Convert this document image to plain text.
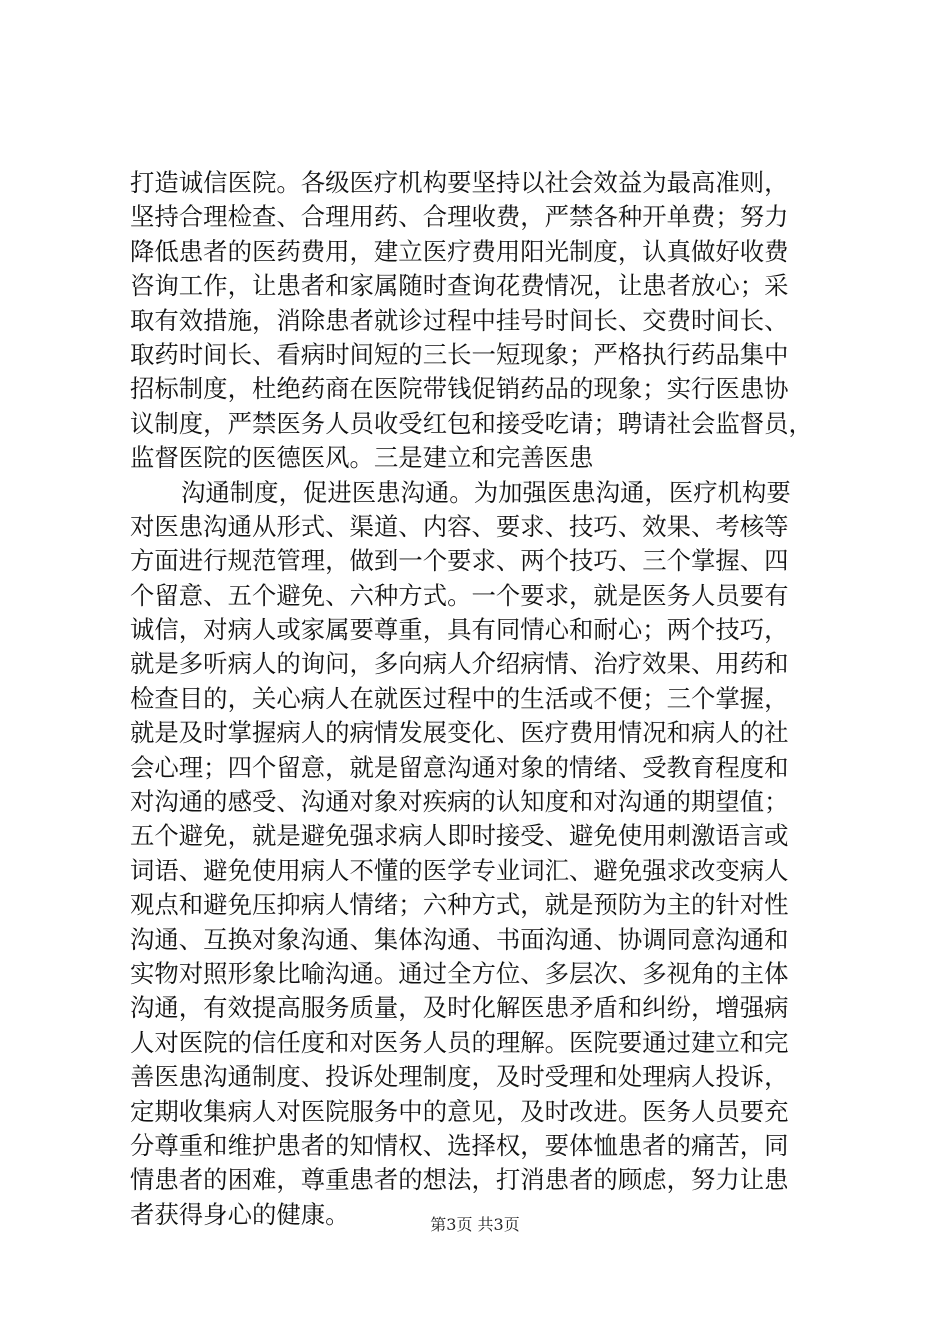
打造诚信医院。各级医疗机构要坚持以社会效益为最高准则，
坚持合理检查、合理用药、合理收费，严禁各种开单费；努力
降低患者的医药费用，建立医疗费用阳光制度，认真做好收费
咨询工作，让患者和家属随时查询花费情况，让患者放心；采
取有效措施，消除患者就诊过程中挂号时间长、交费时间长、
取药时间长、看病时间短的三长一短现象；严格执行药品集中
招标制度，杜绝药商在医院带钱促销药品的现象；实行医患协
议制度，严禁医务人员收受红包和接受吃请；聘请社会监督员，
监督医院的医德医风。三是建立和完善医患
沟通制度，促进医患沟通。为加强医患沟通，医疗机构要
对医患沟通从形式、渠道、内容、要求、技巧、效果、考核等
方面进行规范管理，做到一个要求、两个技巧、三个掌握、四
个留意、五个避免、六种方式。一个要求，就是医务人员要有
诚信，对病人或家属要尊重，具有同情心和耐心；两个技巧，
就是多听病人的询问，多向病人介绍病情、治疗效果、用药和
检查目的，关心病人在就医过程中的生活或不便；三个掌握，
就是及时掌握病人的病情发展变化、医疗费用情况和病人的社
会心理；四个留意，就是留意沟通对象的情绪、受教育程度和
对沟通的感受、沟通对象对疾病的认知度和对沟通的期望值；
五个避免，就是避免强求病人即时接受、避免使用刺激语言或
词语、避免使用病人不懂的医学专业词汇、避免强求改变病人
观点和避免压抑病人情绪；六种方式，就是预防为主的针对性
沟通、互换对象沟通、集体沟通、书面沟通、协调同意沟通和
实物对照形象比喻沟通。通过全方位、多层次、多视角的主体
沟通，有效提高服务质量，及时化解医患矛盾和纠纷，增强病
人对医院的信任度和对医务人员的理解。医院要通过建立和完
善医患沟通制度、投诉处理制度，及时受理和处理病人投诉，
定期收集病人对医院服务中的意见，及时改进。医务人员要充
分尊重和维护患者的知情权、选择权，要体恤患者的痛苦，同
情患者的困难，尊重患者的想法，打消患者的顾虑，努力让患
者获得身心的健康。	第3页 共3页
